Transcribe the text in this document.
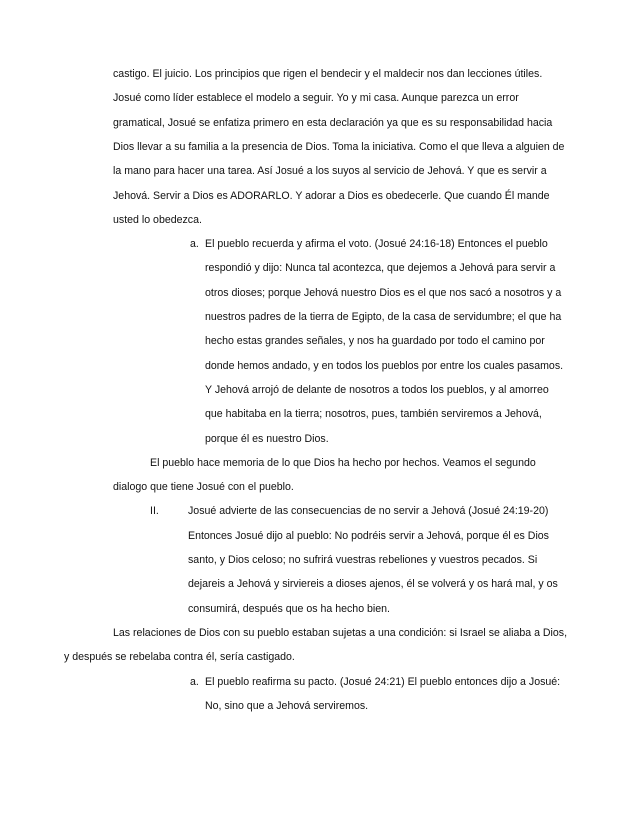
castigo. El juicio. Los principios que rigen el bendecir y el maldecir nos dan lecciones útiles.
Josué como líder establece el modelo a seguir. Yo y mi casa. Aunque parezca un error
gramatical, Josué se enfatiza primero en esta declaración ya que es su responsabilidad hacia
Dios llevar a su familia a la presencia de Dios. Toma la iniciativa. Como el que lleva a alguien de
la mano para hacer una tarea. Así Josué a los suyos al servicio de Jehová. Y que es servir a
Jehová. Servir a Dios es ADORARLO. Y adorar a Dios es obedecerle. Que cuando Él mande
usted lo obedezca.
a. El pueblo recuerda y afirma el voto. (Josué 24:16-18) Entonces el pueblo
respondió y dijo: Nunca tal acontezca, que dejemos a Jehová para servir a
otros dioses; porque Jehová nuestro Dios es el que nos sacó a nosotros y a
nuestros padres de la tierra de Egipto, de la casa de servidumbre; el que ha
hecho estas grandes señales, y nos ha guardado por todo el camino por
donde hemos andado, y en todos los pueblos por entre los cuales pasamos.
Y Jehová arrojó de delante de nosotros a todos los pueblos, y al amorreo
que habitaba en la tierra; nosotros, pues, también serviremos a Jehová,
porque él es nuestro Dios.
El pueblo hace memoria de lo que Dios ha hecho por hechos. Veamos el segundo
dialogo que tiene Josué con el pueblo.
II.	Josué advierte de las consecuencias de no servir a Jehová (Josué 24:19-20)
Entonces Josué dijo al pueblo: No podréis servir a Jehová, porque él es Dios
santo, y Dios celoso; no sufrirá vuestras rebeliones y vuestros pecados. Si
dejareis a Jehová y sirviereis a dioses ajenos, él se volverá y os hará mal, y os
consumirá, después que os ha hecho bien.
Las relaciones de Dios con su pueblo estaban sujetas a una condición: si Israel se aliaba a Dios,
y después se rebelaba contra él, sería castigado.
a. El pueblo reafirma su pacto. (Josué 24:21) El pueblo entonces dijo a Josué:
No, sino que a Jehová serviremos.
